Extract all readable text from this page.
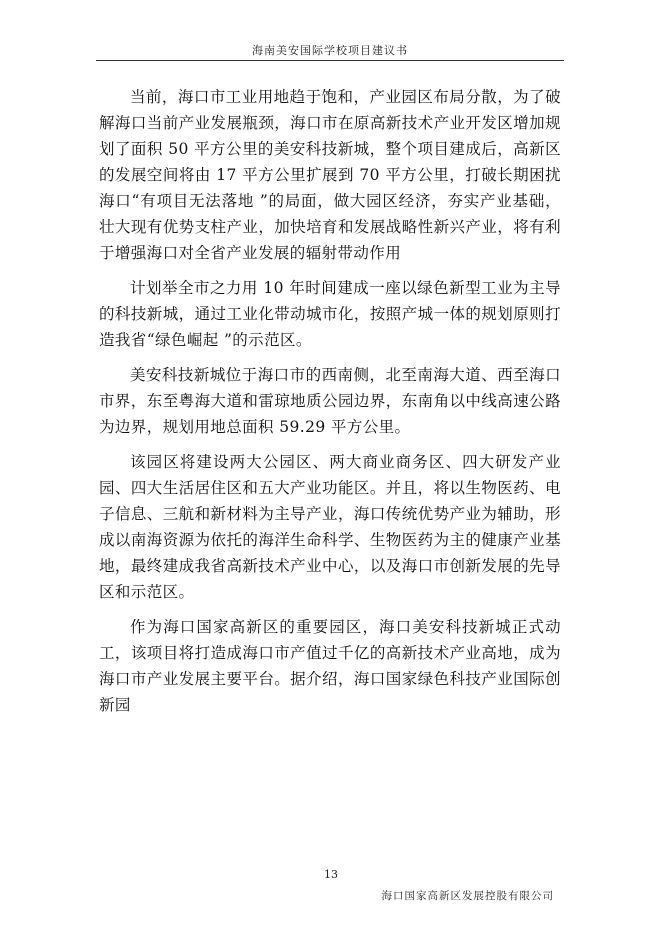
海南美安国际学校项目建议书

当前，海口市工业用地趋于饱和，产业园区布局分散，为了破解海口当前产业发展瓶颈，海口市在原高新技术产业开发区增加规划了面积 50 平方公里的美安科技新城，整个项目建成后，高新区的发展空间将由 17 平方公里扩展到 70 平方公里，打破长期困扰海口“有项目无法落地 ”的局面，做大园区经济，夯实产业基础，壮大现有优势支柱产业，加快培育和发展战略性新兴产业，将有利于增强海口对全省产业发展的辐射带动作用

计划举全市之力用 10 年时间建成一座以绿色新型工业为主导的科技新城，通过工业化带动城市化，按照产城一体的规划原则打造我省“绿色崛起 ”的示范区。

美安科技新城位于海口市的西南侧，北至南海大道、西至海口市界，东至粤海大道和雷琼地质公园边界，东南角以中线高速公路为边界，规划用地总面积 59.29 平方公里。

该园区将建设两大公园区、两大商业商务区、四大研发产业园、四大生活居住区和五大产业功能区。并且，将以生物医药、电子信息、三航和新材料为主导产业，海口传统优势产业为辅助，形成以南海资源为依托的海洋生命科学、生物医药为主的健康产业基地，最终建成我省高新技术产业中心，以及海口市创新发展的先导区和示范区。

作为海口国家高新区的重要园区，海口美安科技新城正式动工，该项目将打造成海口市产值过千亿的高新技术产业高地，成为海口市产业发展主要平台。据介绍，海口国家绿色科技产业国际创新园

13
海口国家高新区发展控股有限公司
